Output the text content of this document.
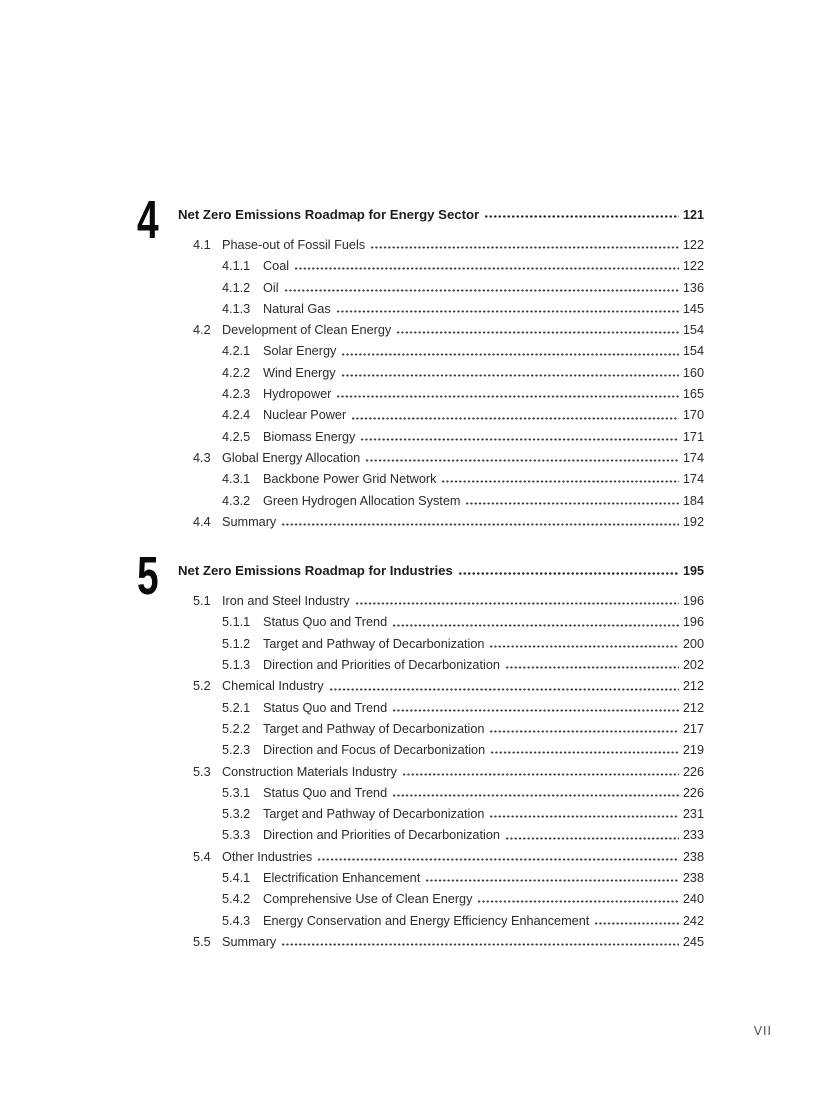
4	Net Zero Emissions Roadmap for Energy Sector	121
4.1 Phase-out of Fossil Fuels	122
4.1.1	Coal	122
4.1.2	Oil	136
4.1.3	Natural Gas	145
4.2 Development of Clean Energy	154
4.2.1	Solar Energy	154
4.2.2	Wind Energy	160
4.2.3	Hydropower	165
4.2.4	Nuclear Power	170
4.2.5	Biomass Energy	171
4.3 Global Energy Allocation	174
4.3.1	Backbone Power Grid Network	174
4.3.2	Green Hydrogen Allocation System	184
4.4 Summary	192
5	Net Zero Emissions Roadmap for Industries	195
5.1 Iron and Steel Industry	196
5.1.1	Status Quo and Trend	196
5.1.2	Target and Pathway of Decarbonization	200
5.1.3	Direction and Priorities of Decarbonization	202
5.2 Chemical Industry	212
5.2.1	Status Quo and Trend	212
5.2.2	Target and Pathway of Decarbonization	217
5.2.3	Direction and Focus of Decarbonization	219
5.3 Construction Materials Industry	226
5.3.1	Status Quo and Trend	226
5.3.2	Target and Pathway of Decarbonization	231
5.3.3	Direction and Priorities of Decarbonization	233
5.4 Other Industries	238
5.4.1	Electrification Enhancement	238
5.4.2	Comprehensive Use of Clean Energy	240
5.4.3	Energy Conservation and Energy Efficiency Enhancement	242
5.5 Summary	245
VII
